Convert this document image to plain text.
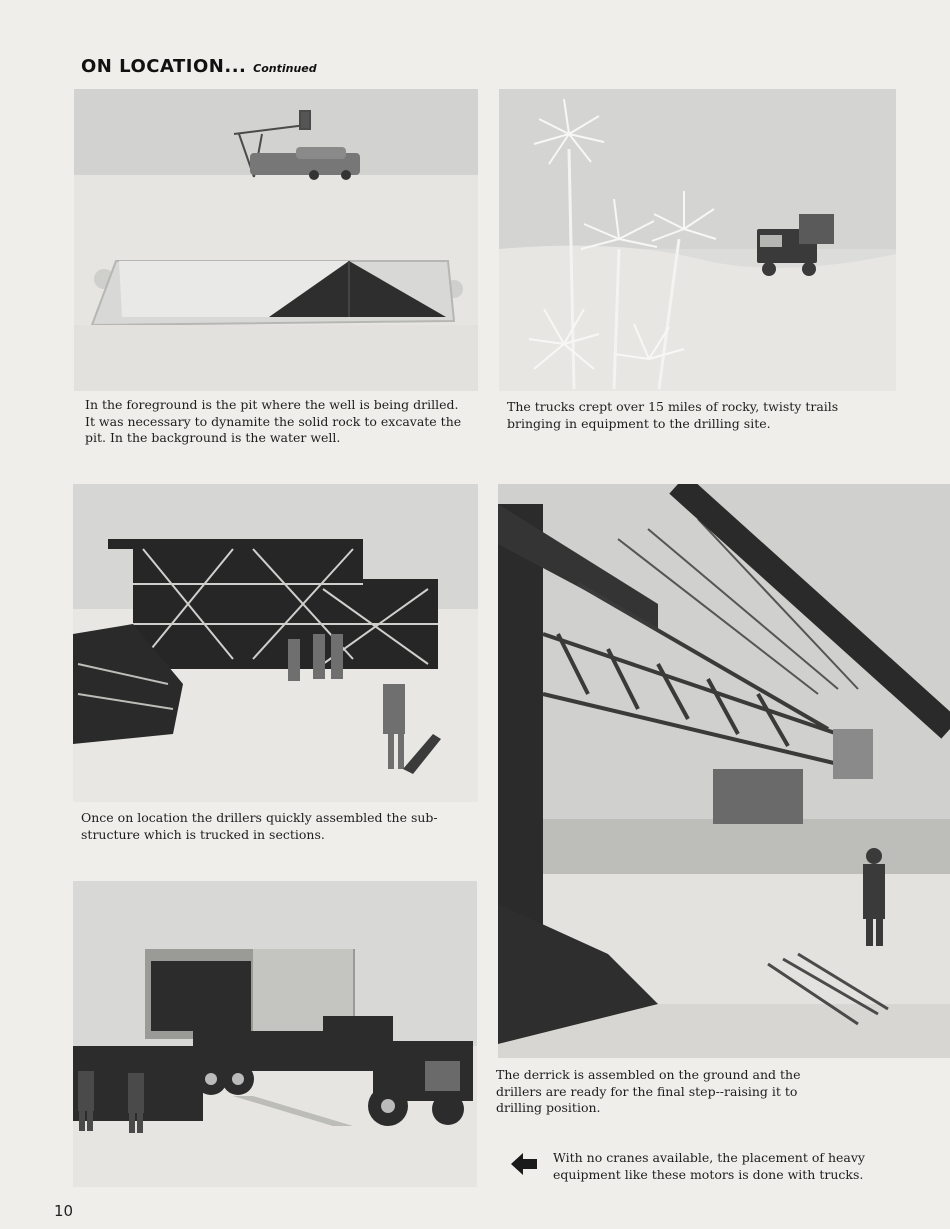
ON LOCATION... Continued
In the foreground is the pit where the well is being drilled. It was necessary to dynamite the solid rock to excavate the pit. In the background is the water well.
The trucks crept over 15 miles of rocky, twisty trails bringing in equipment to the drilling site.
Once on location the drillers quickly assembled the sub-structure which is trucked in sections.
The derrick is assembled on the ground and the drillers are ready for the final step--raising it to drilling position.
With no cranes available, the placement of heavy equipment like these motors is done with trucks.
10
